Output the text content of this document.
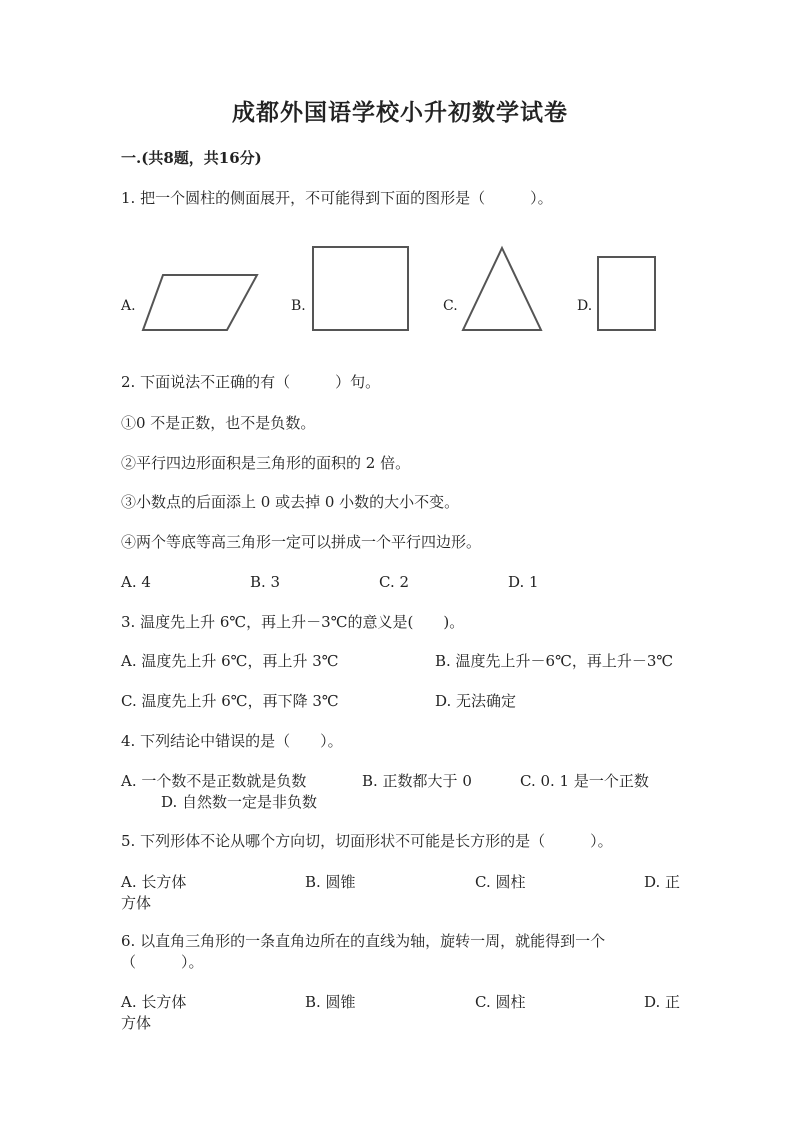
成都外国语学校小升初数学试卷
一.(共8题，共16分)
1. 把一个圆柱的侧面展开，不可能得到下面的图形是（　　　）。
A.	B.	C.	D.
2. 下面说法不正确的有（　　　）句。
①0 不是正数，也不是负数。
②平行四边形面积是三角形的面积的 2 倍。
③小数点的后面添上 0 或去掉 0 小数的大小不变。
④两个等底等高三角形一定可以拼成一个平行四边形。
A. 4	B. 3	C. 2	D. 1
3. 温度先上升 6℃，再上升－3℃的意义是(　　)。
A. 温度先上升 6℃，再上升 3℃	B. 温度先上升－6℃，再上升－3℃
C. 温度先上升 6℃，再下降 3℃	D. 无法确定
4. 下列结论中错误的是（　　）。
A. 一个数不是正数就是负数	B. 正数都大于 0	C. 0. 1 是一个正数
D. 自然数一定是非负数
5. 下列形体不论从哪个方向切，切面形状不可能是长方形的是（　　　）。
A. 长方体	B. 圆锥	C. 圆柱	D. 正
方体
6. 以直角三角形的一条直角边所在的直线为轴，旋转一周，就能得到一个
（　　　）。
A. 长方体	B. 圆锥	C. 圆柱	D. 正
方体
